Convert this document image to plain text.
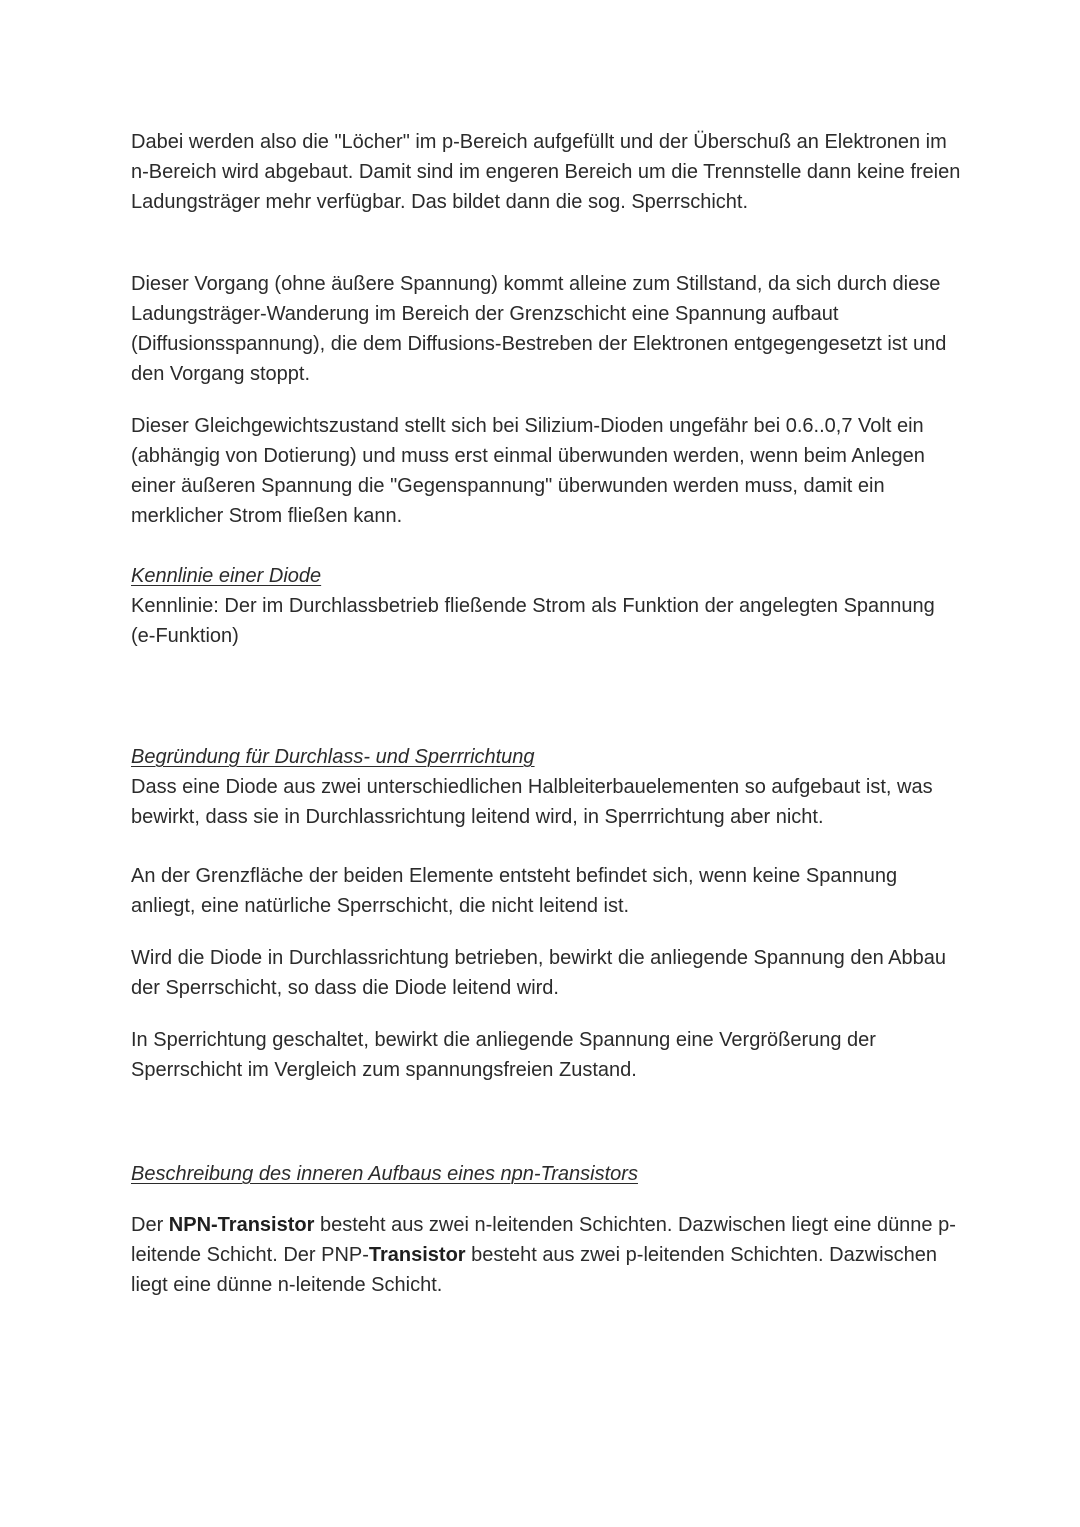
Dabei werden also die "Löcher" im p-Bereich aufgefüllt und der Überschuß an Elektronen im n-Bereich wird abgebaut. Damit sind im engeren Bereich um die Trennstelle dann keine freien Ladungsträger mehr verfügbar. Das bildet dann die sog. Sperrschicht.

Dieser Vorgang (ohne äußere Spannung) kommt alleine zum Stillstand, da sich durch diese Ladungsträger-Wanderung im Bereich der Grenzschicht eine Spannung aufbaut (Diffusionsspannung), die dem Diffusions-Bestreben der Elektronen entgegengesetzt ist und den Vorgang stoppt.

Dieser Gleichgewichtszustand stellt sich bei Silizium-Dioden ungefähr bei 0.6..0,7 Volt ein (abhängig von Dotierung) und muss erst einmal überwunden werden, wenn beim Anlegen einer äußeren Spannung die "Gegenspannung" überwunden werden muss, damit ein merklicher Strom fließen kann.

Kennlinie einer Diode

Kennlinie: Der im Durchlassbetrieb fließende Strom als Funktion der angelegten Spannung (e-Funktion)

Begründung für Durchlass- und Sperrrichtung

Dass eine Diode aus zwei unterschiedlichen Halbleiterbauelementen so aufgebaut ist, was bewirkt, dass sie in Durchlassrichtung leitend wird, in Sperrrichtung aber nicht.

An der Grenzfläche der beiden Elemente entsteht befindet sich, wenn keine Spannung anliegt, eine natürliche Sperrschicht, die nicht leitend ist.

Wird die Diode in Durchlassrichtung betrieben, bewirkt die anliegende Spannung den Abbau der Sperrschicht, so dass die Diode leitend wird.

In Sperrichtung geschaltet, bewirkt die anliegende Spannung eine Vergrößerung der Sperrschicht im Vergleich zum spannungsfreien Zustand.

Beschreibung des inneren Aufbaus eines npn-Transistors

Der NPN-Transistor besteht aus zwei n-leitenden Schichten. Dazwischen liegt eine dünne p-leitende Schicht. Der PNP-Transistor besteht aus zwei p-leitenden Schichten. Dazwischen liegt eine dünne n-leitende Schicht.
